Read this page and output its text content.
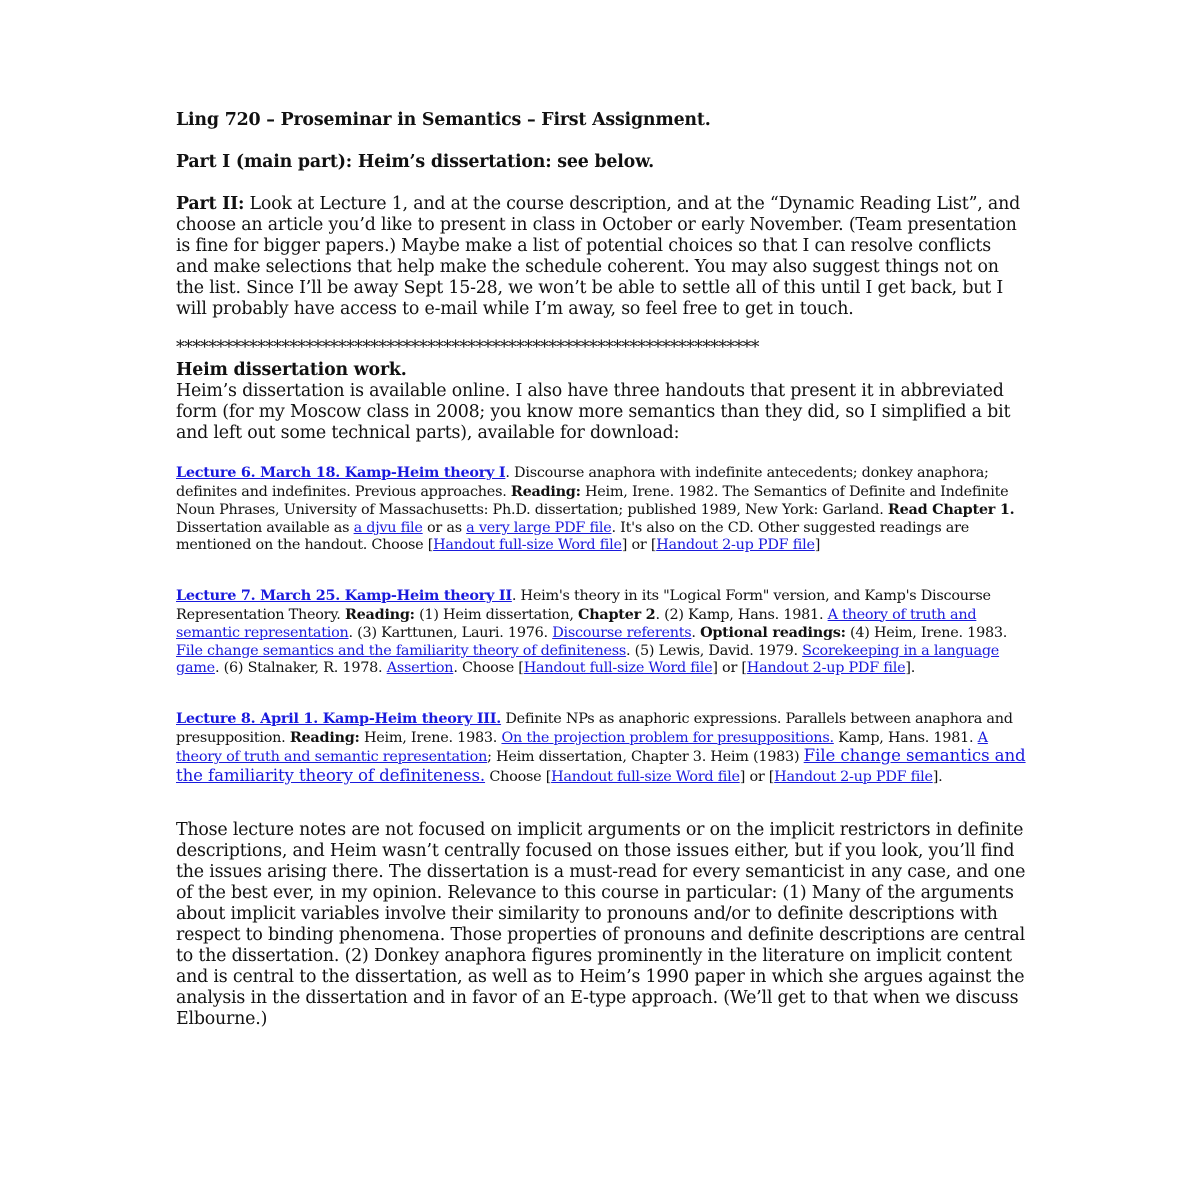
Ling 720 – Proseminar in Semantics – First Assignment.
Part I (main part): Heim’s dissertation: see below.

Part II: Look at Lecture 1, and at the course description, and at the “Dynamic Reading List”, and choose an article you’d like to present in class in October or early November. (Team presentation is fine for bigger papers.) Maybe make a list of potential choices so that I can resolve conflicts and make selections that help make the schedule coherent. You may also suggest things not on the list. Since I’ll be away Sept 15-28, we won’t be able to settle all of this until I get back, but I will probably have access to e-mail while I’m away, so feel free to get in touch.

************************************************************************
Heim dissertation work.

Heim’s dissertation is available online. I also have three handouts that present it in abbreviated form (for my Moscow class in 2008; you know more semantics than they did, so I simplified a bit and left out some technical parts), available for download:

Lecture 6. March 18. Kamp-Heim theory I. Discourse anaphora with indefinite antecedents; donkey anaphora; definites and indefinites. Previous approaches. Reading: Heim, Irene. 1982. The Semantics of Definite and Indefinite Noun Phrases, University of Massachusetts: Ph.D. dissertation; published 1989, New York: Garland. Read Chapter 1. Dissertation available as a djvu file or as a very large PDF file. It's also on the CD. Other suggested readings are mentioned on the handout. Choose [Handout full-size Word file] or [Handout 2-up PDF file]

Lecture 7. March 25. Kamp-Heim theory II. Heim's theory in its "Logical Form" version, and Kamp's Discourse Representation Theory. Reading: (1) Heim dissertation, Chapter 2. (2) Kamp, Hans. 1981. A theory of truth and semantic representation. (3) Karttunen, Lauri. 1976. Discourse referents. Optional readings: (4) Heim, Irene. 1983. File change semantics and the familiarity theory of definiteness. (5) Lewis, David. 1979. Scorekeeping in a language game. (6) Stalnaker, R. 1978. Assertion. Choose [Handout full-size Word file] or [Handout 2-up PDF file].

Lecture 8. April 1. Kamp-Heim theory III. Definite NPs as anaphoric expressions. Parallels between anaphora and presupposition. Reading: Heim, Irene. 1983. On the projection problem for presuppositions. Kamp, Hans. 1981. A theory of truth and semantic representation; Heim dissertation, Chapter 3. Heim (1983) File change semantics and the familiarity theory of definiteness. Choose [Handout full-size Word file] or [Handout 2-up PDF file].

Those lecture notes are not focused on implicit arguments or on the implicit restrictors in definite descriptions, and Heim wasn’t centrally focused on those issues either, but if you look, you’ll find the issues arising there. The dissertation is a must-read for every semanticist in any case, and one of the best ever, in my opinion. Relevance to this course in particular: (1) Many of the arguments about implicit variables involve their similarity to pronouns and/or to definite descriptions with respect to binding phenomena. Those properties of pronouns and definite descriptions are central to the dissertation. (2) Donkey anaphora figures prominently in the literature on implicit content and is central to the dissertation, as well as to Heim’s 1990 paper in which she argues against the analysis in the dissertation and in favor of an E-type approach. (We’ll get to that when we discuss Elbourne.)
